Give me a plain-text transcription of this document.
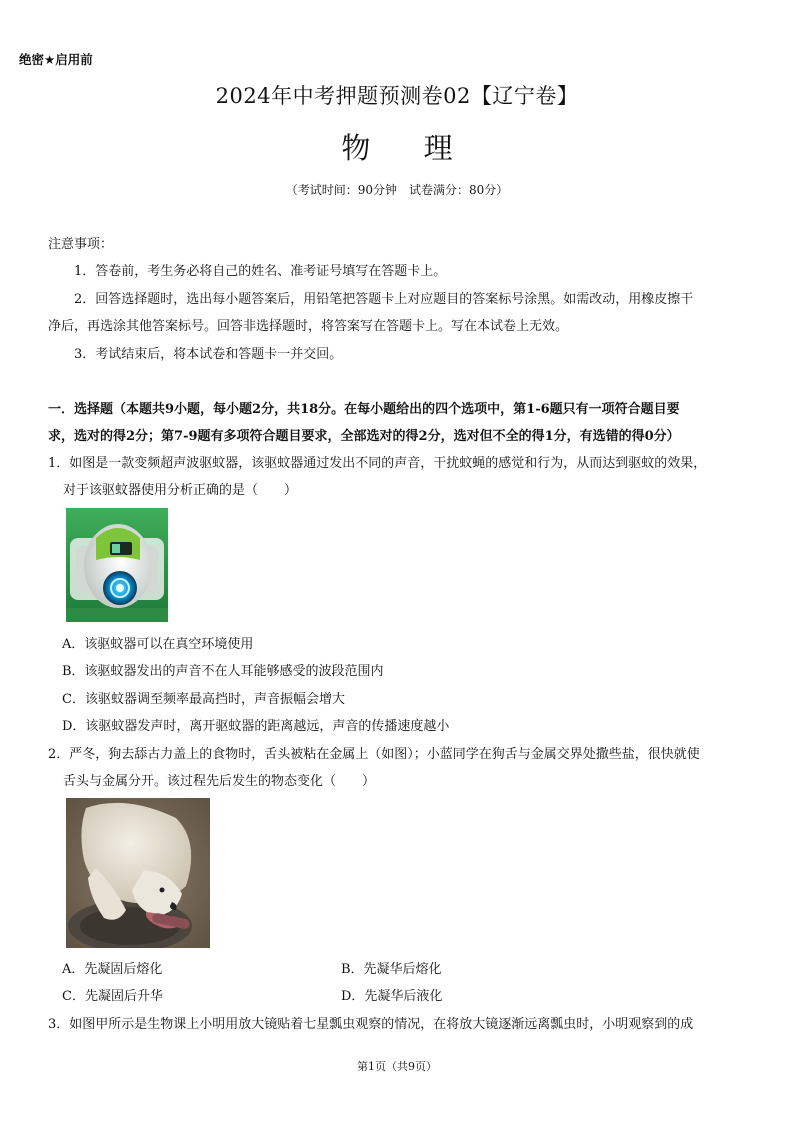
绝密★启用前
2024年中考押题预测卷02【辽宁卷】
物 理
（考试时间：90分钟　试卷满分：80分）
注意事项：
1．答卷前，考生务必将自己的姓名、准考证号填写在答题卡上。
2．回答选择题时，选出每小题答案后，用铅笔把答题卡上对应题目的答案标号涂黑。如需改动，用橡皮擦干
净后，再选涂其他答案标号。回答非选择题时，将答案写在答题卡上。写在本试卷上无效。
3．考试结束后，将本试卷和答题卡一并交回。
一．选择题（本题共9小题，每小题2分，共18分。在每小题给出的四个选项中，第1-6题只有一项符合题目要
求，选对的得2分；第7-9题有多项符合题目要求，全部选对的得2分，选对但不全的得1分，有选错的得0分）
1．如图是一款变频超声波驱蚊器，该驱蚊器通过发出不同的声音，干扰蚊蝇的感觉和行为，从而达到驱蚊的效果，
对于该驱蚊器使用分析正确的是（　　）
A．该驱蚊器可以在真空环境使用
B．该驱蚊器发出的声音不在人耳能够感受的波段范围内
C．该驱蚊器调至频率最高挡时，声音振幅会增大
D．该驱蚊器发声时，离开驱蚊器的距离越远，声音的传播速度越小
2．严冬，狗去舔古力盖上的食物时，舌头被粘在金属上（如图）；小蓝同学在狗舌与金属交界处撒些盐，很快就使
舌头与金属分开。该过程先后发生的物态变化（　　）
A．先凝固后熔化	B．先凝华后熔化
C．先凝固后升华	D．先凝华后液化
3．如图甲所示是生物课上小明用放大镜贴着七星瓢虫观察的情况，在将放大镜逐渐远离瓢虫时，小明观察到的成
第1页（共9页）
